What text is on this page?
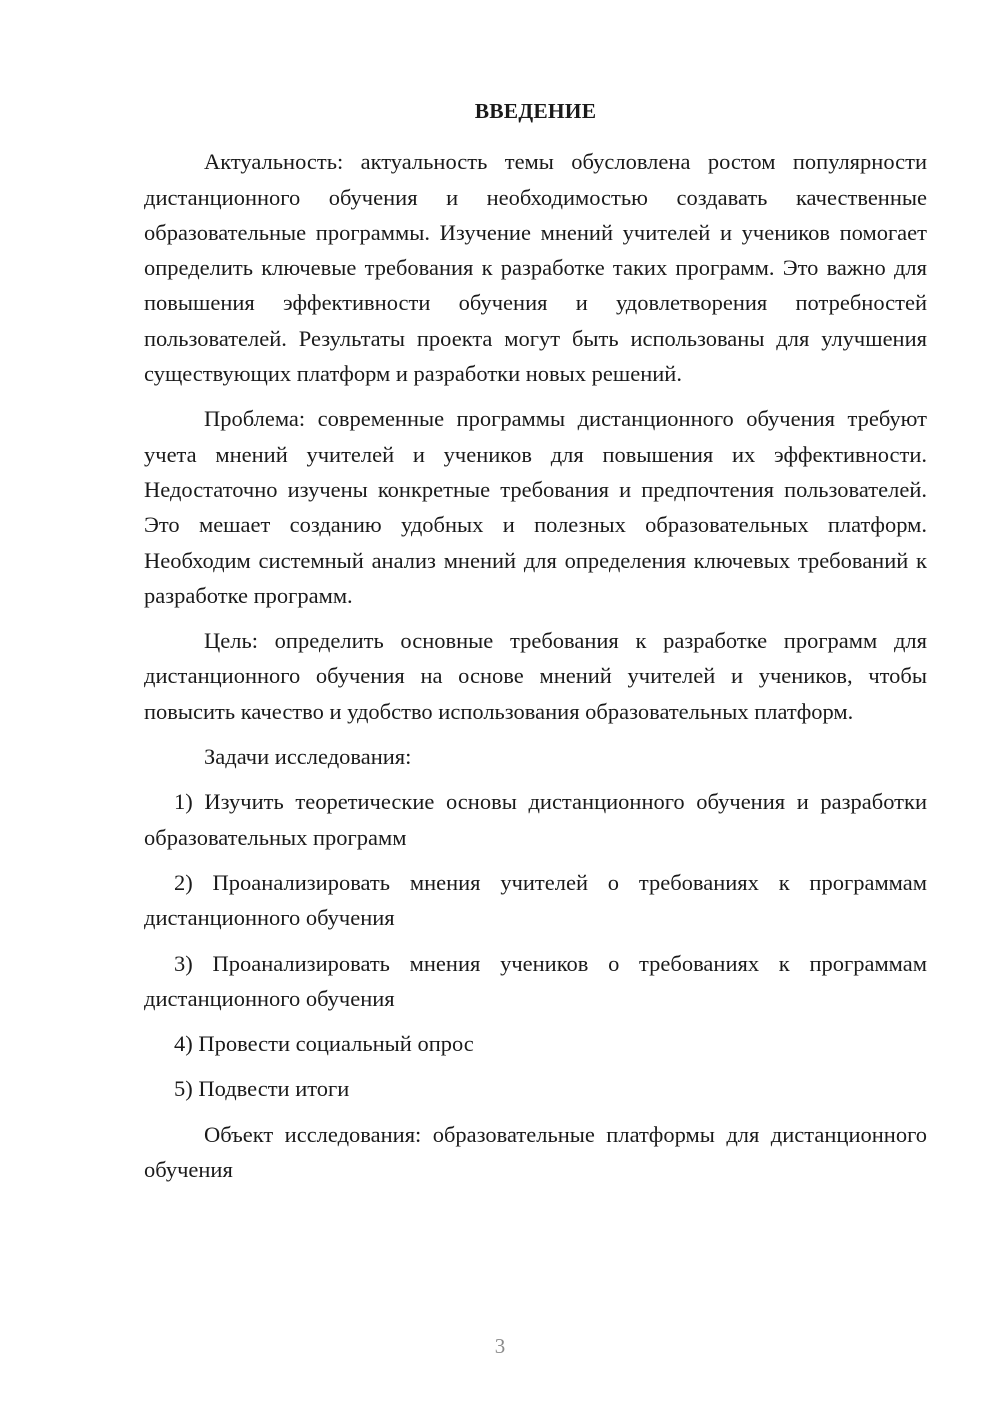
ВВЕДЕНИЕ

Актуальность: актуальность темы обусловлена ростом популярности дистанционного обучения и необходимостью создавать качественные образовательные программы. Изучение мнений учителей и учеников помогает определить ключевые требования к разработке таких программ. Это важно для повышения эффективности обучения и удовлетворения потребностей пользователей. Результаты проекта могут быть использованы для улучшения существующих платформ и разработки новых решений.

Проблема: современные программы дистанционного обучения требуют учета мнений учителей и учеников для повышения их эффективности. Недостаточно изучены конкретные требования и предпочтения пользователей. Это мешает созданию удобных и полезных образовательных платформ. Необходим системный анализ мнений для определения ключевых требований к разработке программ.

Цель: определить основные требования к разработке программ для дистанционного обучения на основе мнений учителей и учеников, чтобы повысить качество и удобство использования образовательных платформ.

Задачи исследования:

1) Изучить теоретические основы дистанционного обучения и разработки образовательных программ

2) Проанализировать мнения учителей о требованиях к программам дистанционного обучения

3) Проанализировать мнения учеников о требованиях к программам дистанционного обучения

4) Провести социальный опрос

5) Подвести итоги

Объект исследования: образовательные платформы для дистанционного обучения

3
